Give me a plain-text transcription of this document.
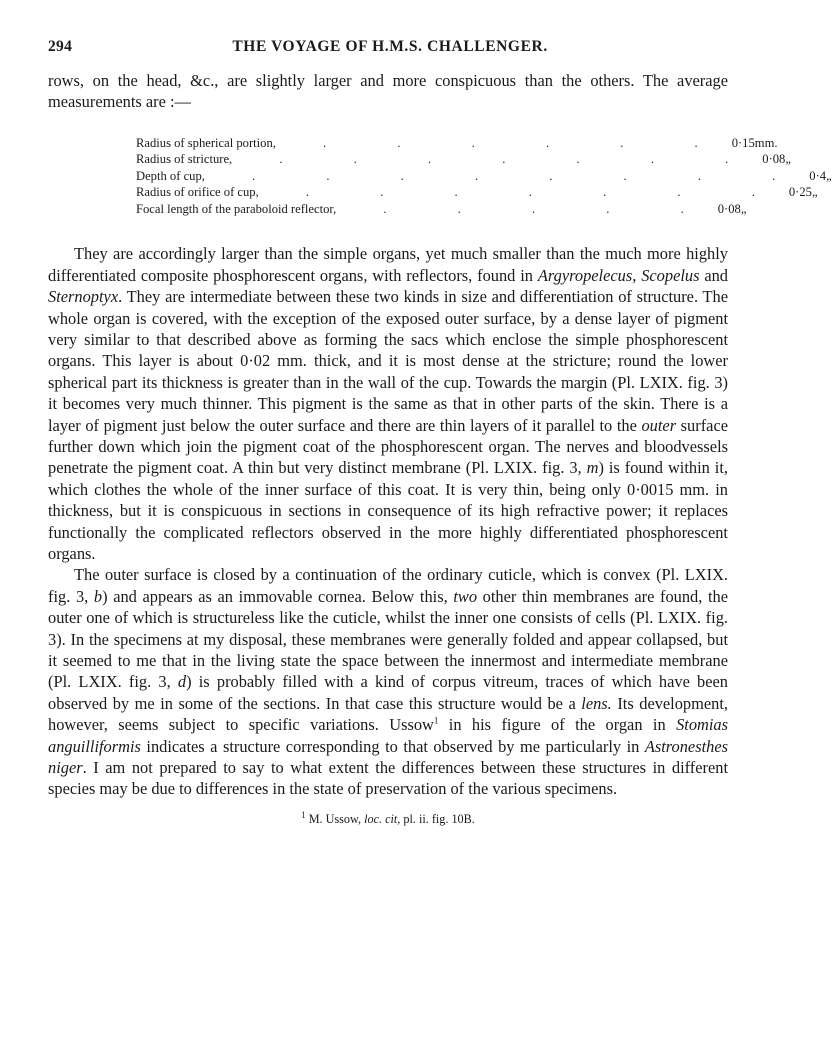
294	THE VOYAGE OF H.M.S. CHALLENGER.

rows, on the head, &c., are slightly larger and more conspicuous than the others. The average measurements are :—

Radius of spherical portion, . . . . . . 0·15 mm.
Radius of stricture, . . . . . . . 0·08 „
Depth of cup, . . . . . . . . 0·4 „
Radius of orifice of cup, . . . . . . . 0·25 „
Focal length of the paraboloid reflector, . . . . . 0·08 „

They are accordingly larger than the simple organs, yet much smaller than the much more highly differentiated composite phosphorescent organs, with reflectors, found in Argyropelecus, Scopelus and Sternoptyx. They are intermediate between these two kinds in size and differentiation of structure. The whole organ is covered, with the exception of the exposed outer surface, by a dense layer of pigment very similar to that described above as forming the sacs which enclose the simple phosphorescent organs. This layer is about 0·02 mm. thick, and it is most dense at the stricture; round the lower spherical part its thickness is greater than in the wall of the cup. Towards the margin (Pl. LXIX. fig. 3) it becomes very much thinner. This pigment is the same as that in other parts of the skin. There is a layer of pigment just below the outer surface and there are thin layers of it parallel to the outer surface further down which join the pigment coat of the phosphorescent organ. The nerves and bloodvessels penetrate the pigment coat. A thin but very distinct membrane (Pl. LXIX. fig. 3, m) is found within it, which clothes the whole of the inner surface of this coat. It is very thin, being only 0·0015 mm. in thickness, but it is conspicuous in sections in consequence of its high refractive power; it replaces functionally the complicated reflectors observed in the more highly differentiated phosphorescent organs.

The outer surface is closed by a continuation of the ordinary cuticle, which is convex (Pl. LXIX. fig. 3, b) and appears as an immovable cornea. Below this, two other thin membranes are found, the outer one of which is structureless like the cuticle, whilst the inner one consists of cells (Pl. LXIX. fig. 3). In the specimens at my disposal, these membranes were generally folded and appear collapsed, but it seemed to me that in the living state the space between the innermost and intermediate membrane (Pl. LXIX. fig. 3, d) is probably filled with a kind of corpus vitreum, traces of which have been observed by me in some of the sections. In that case this structure would be a lens. Its development, however, seems subject to specific variations. Ussow$^1$ in his figure of the organ in Stomias anguilliformis indicates a structure corresponding to that observed by me particularly in Astronesthes niger. I am not prepared to say to what extent the differences between these structures in different species may be due to differences in the state of preservation of the various specimens.

$^1$ M. Ussow, loc. cit, pl. ii. fig. 10B.
